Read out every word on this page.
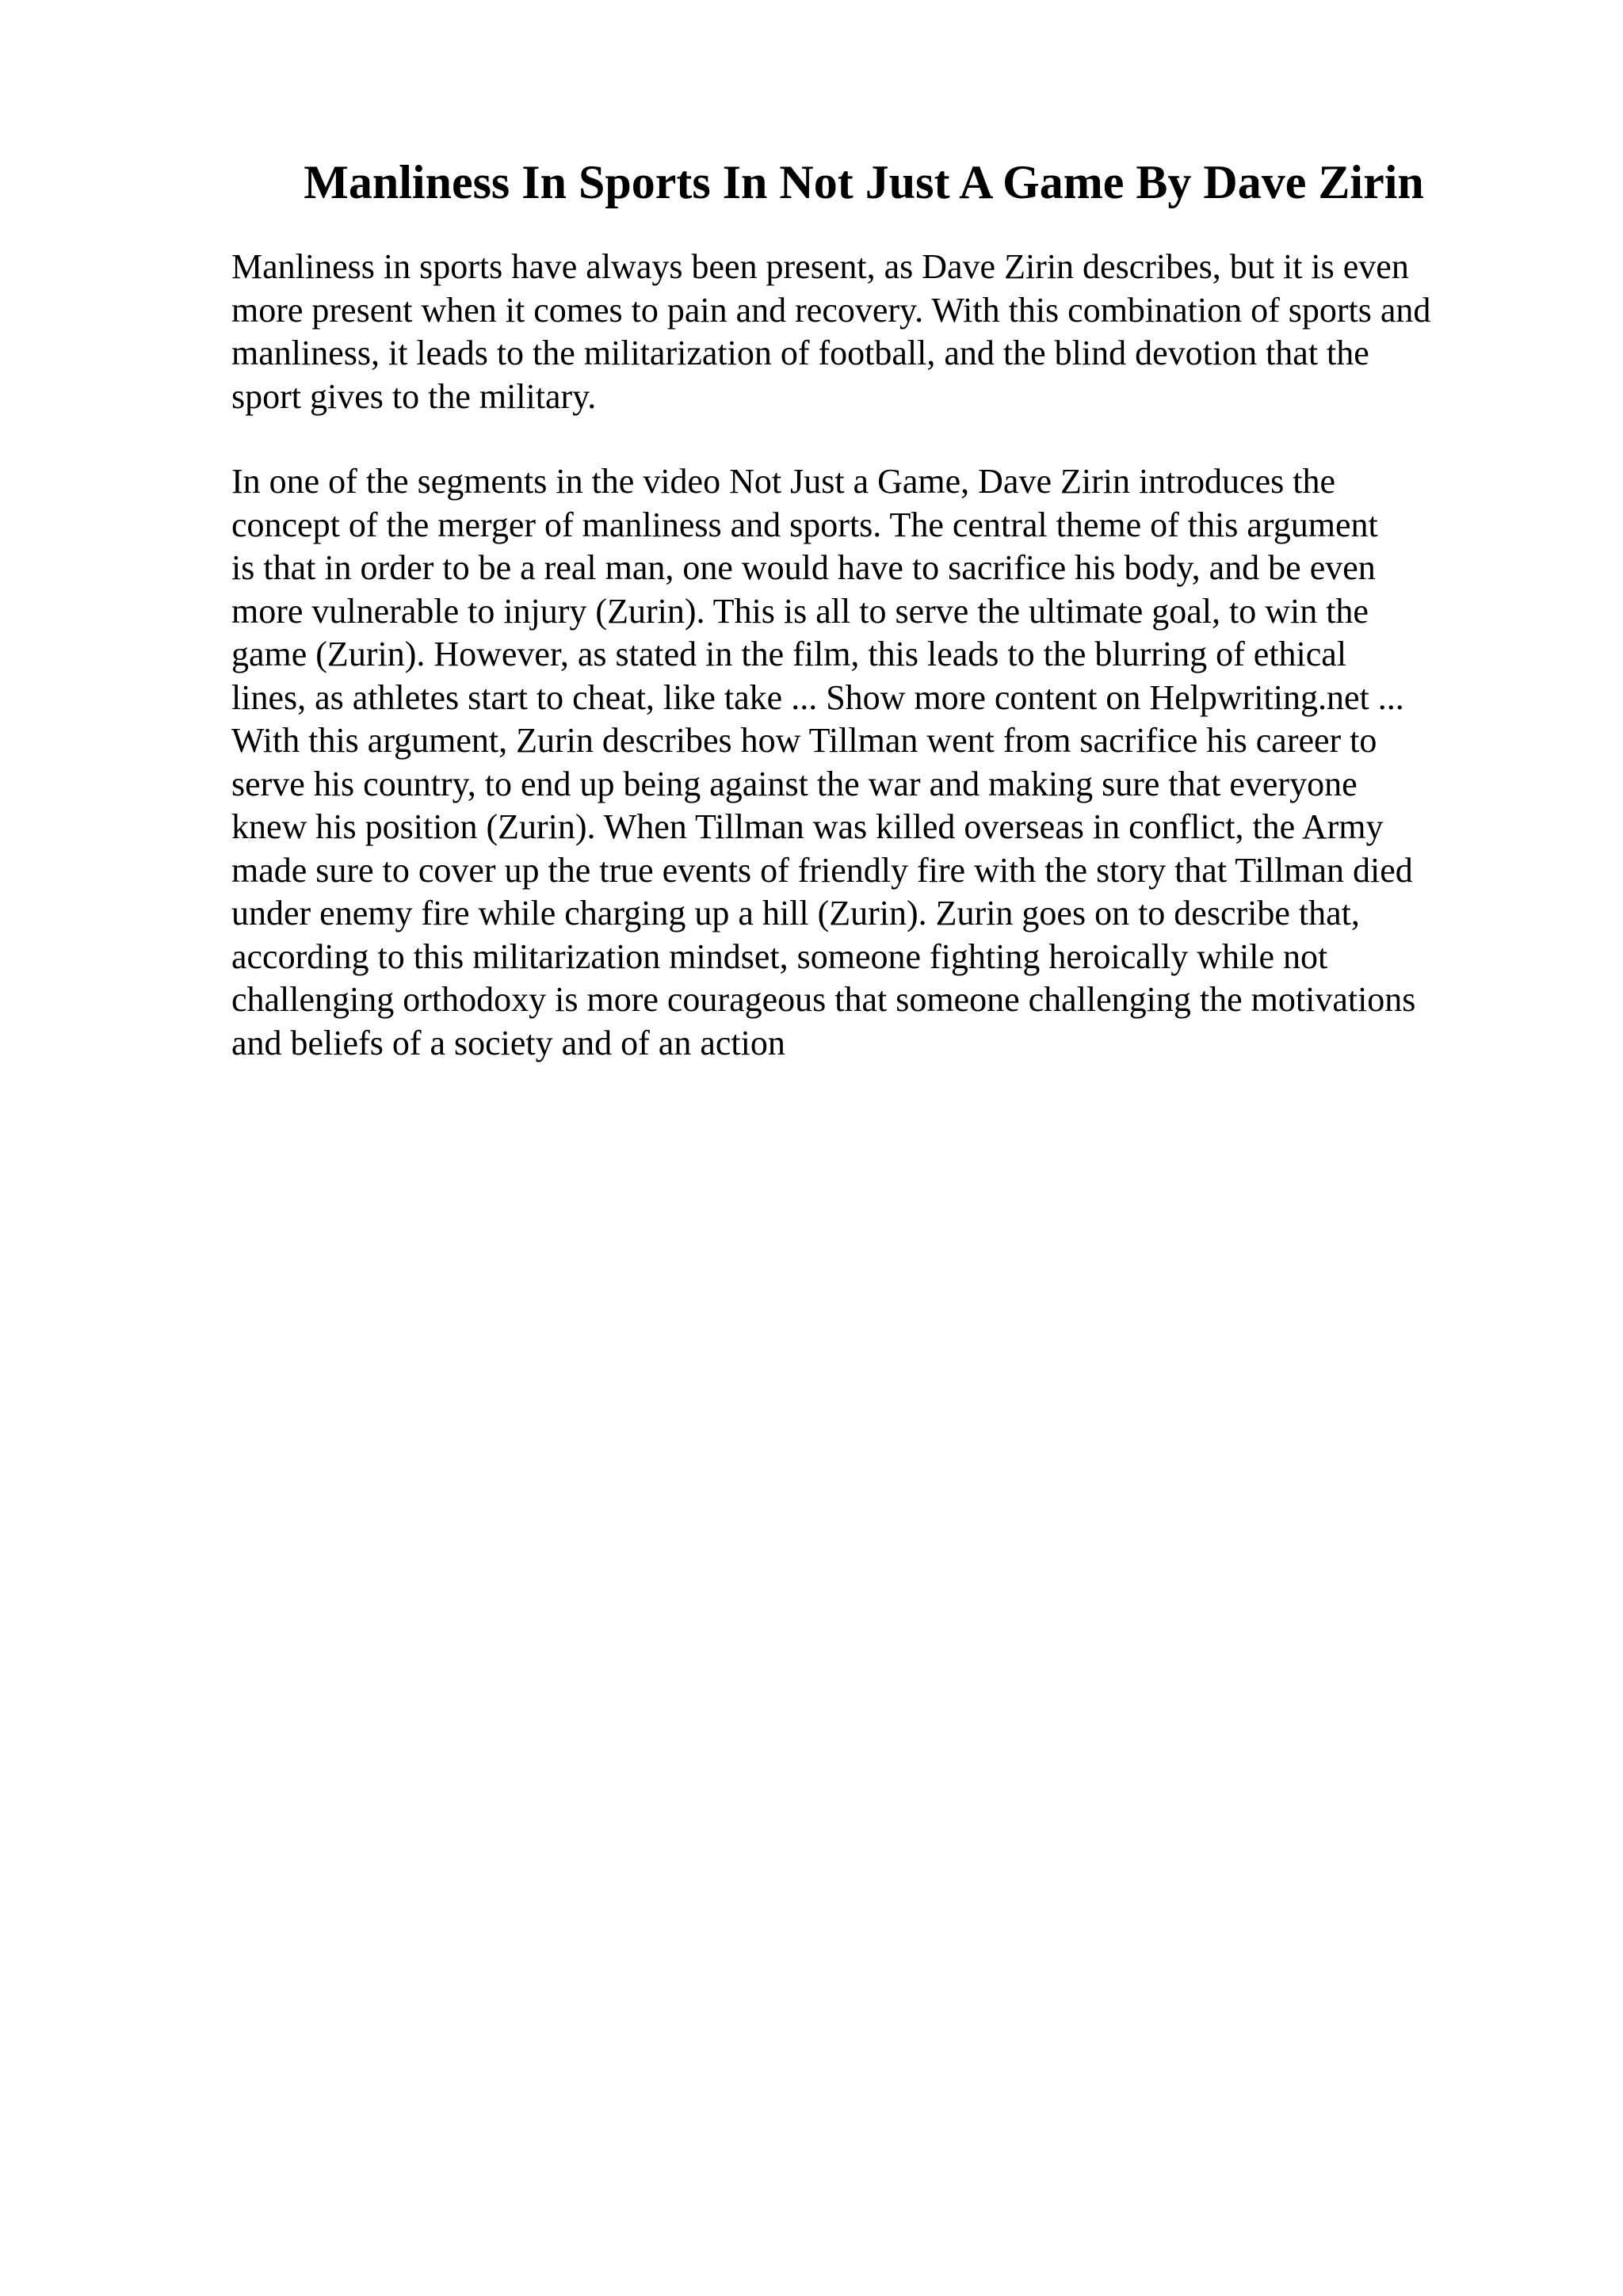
Manliness In Sports In Not Just A Game By Dave Zirin

Manliness in sports have always been present, as Dave Zirin describes, but it is even
more present when it comes to pain and recovery. With this combination of sports and
manliness, it leads to the militarization of football, and the blind devotion that the
sport gives to the military.

In one of the segments in the video Not Just a Game, Dave Zirin introduces the
concept of the merger of manliness and sports. The central theme of this argument
is that in order to be a real man, one would have to sacrifice his body, and be even
more vulnerable to injury (Zurin). This is all to serve the ultimate goal, to win the
game (Zurin). However, as stated in the film, this leads to the blurring of ethical
lines, as athletes start to cheat, like take ... Show more content on Helpwriting.net ...
With this argument, Zurin describes how Tillman went from sacrifice his career to
serve his country, to end up being against the war and making sure that everyone
knew his position (Zurin). When Tillman was killed overseas in conflict, the Army
made sure to cover up the true events of friendly fire with the story that Tillman died
under enemy fire while charging up a hill (Zurin). Zurin goes on to describe that,
according to this militarization mindset, someone fighting heroically while not
challenging orthodoxy is more courageous that someone challenging the motivations
and beliefs of a society and of an action
